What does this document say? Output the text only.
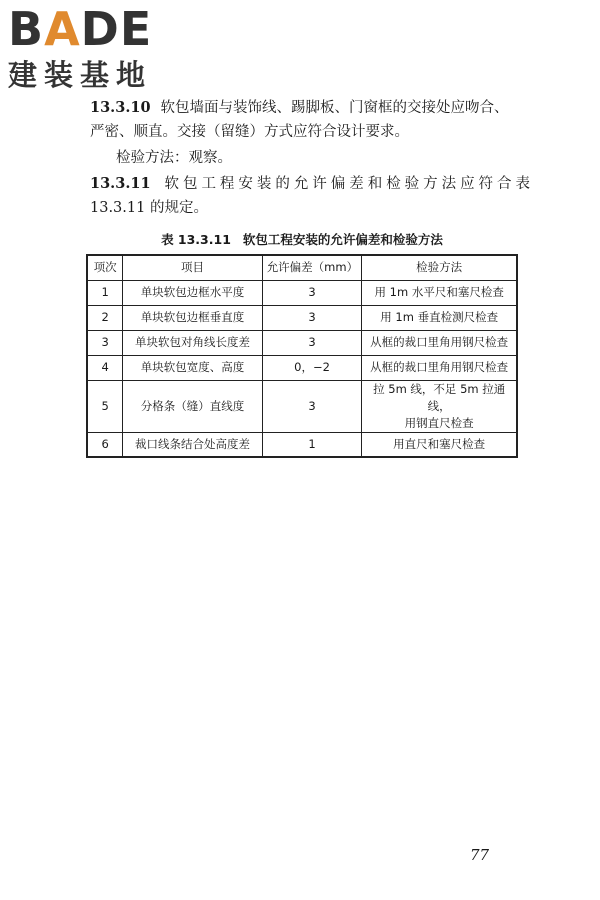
BADE
建装基地
13.3.10 软包墙面与装饰线、踢脚板、门窗框的交接处应吻合、
严密、顺直。交接（留缝）方式应符合设计要求。
检验方法：观察。
13.3.11 软包工程安装的允许偏差和检验方法应符合表
13.3.11 的规定。
表 13.3.11 软包工程安装的允许偏差和检验方法
项次	项目	允许偏差（mm）	检验方法
1	单块软包边框水平度	3	用 1m 水平尺和塞尺检查
2	单块软包边框垂直度	3	用 1m 垂直检测尺检查
3	单块软包对角线长度差	3	从框的裁口里角用钢尺检查
4	单块软包宽度、高度	0，−2	从框的裁口里角用钢尺检查
5	分格条（缝）直线度	3	拉 5m 线，不足 5m 拉通线，
用钢直尺检查

6	裁口线条结合处高度差	1	用直尺和塞尺检查
77
